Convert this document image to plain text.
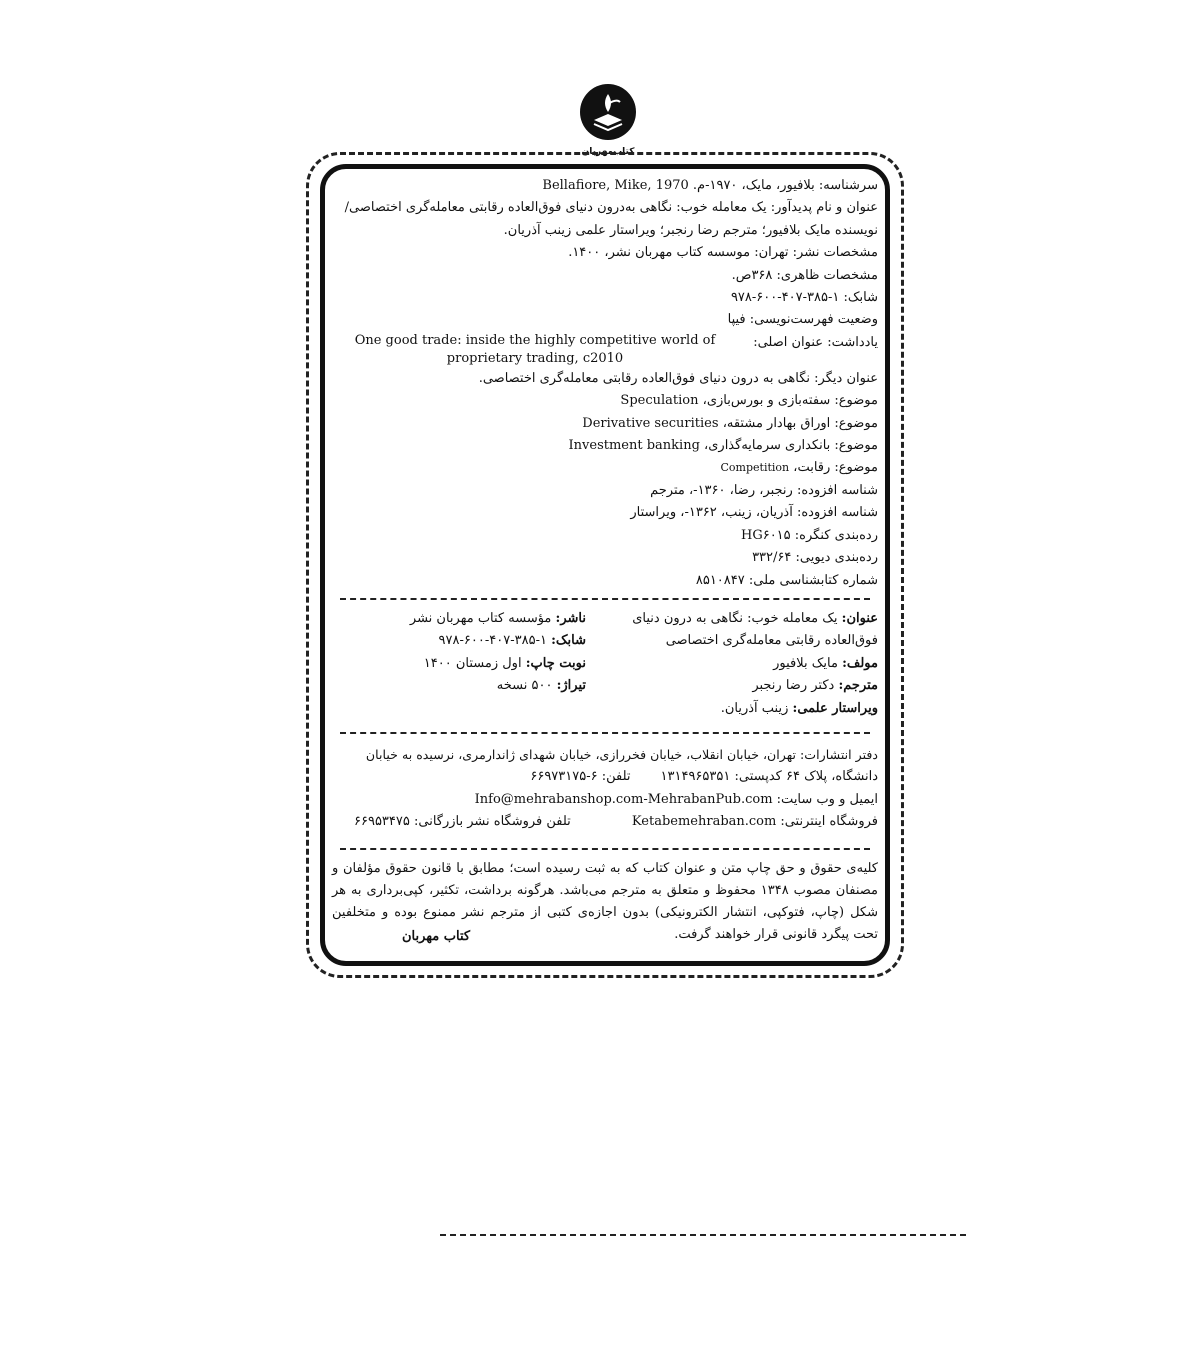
کتاب‌مهربان
سرشناسه: بلافیور، مایک، ۱۹۷۰-م. Bellafiore, Mike, 1970
عنوان و نام پدیدآور: یک معامله خوب: نگاهی به‌درون دنیای فوق‌العاده رقابتی معامله‌گری اختصاصی/
نویسنده مایک بلافیور؛ مترجم رضا رنجبر؛ ویراستار علمی زینب آذریان.
مشخصات نشر: تهران: موسسه کتاب مهربان نشر، ۱۴۰۰.
مشخصات ظاهری: ۳۶۸ص.
شابک: ۱-۳۸۵-۴۰۷-۶۰۰-۹۷۸
وضعیت فهرست‌نویسی: فیپا
یادداشت: عنوان اصلی:
One good trade: inside the highly competitive world of proprietary trading, c2010
عنوان دیگر: نگاهی به درون دنیای فوق‌العاده رقابتی معامله‌گری اختصاصی.
موضوع: سفته‌بازی و بورس‌بازی، Speculation
موضوع: اوراق بهادار مشتقه، Derivative securities
موضوع: بانکداری سرمایه‌گذاری، Investment banking
موضوع: رقابت، Competition
شناسه افزوده: رنجبر، رضا، ۱۳۶۰-، مترجم
شناسه افزوده: آذریان، زینب، ۱۳۶۲-، ویراستار
رده‌بندی کنگره: HG۶۰۱۵
رده‌بندی دیویی: ۳۳۲/۶۴
شماره کتابشناسی ملی: ۸۵۱۰۸۴۷
عنوان: یک معامله خوب: نگاهی به درون دنیای
فوق‌العاده رقابتی معامله‌گری اختصاصی
مولف: مایک بلافیور
مترجم: دکتر رضا رنجبر
ویراستار علمی: زینب آذریان.
ناشر: مؤسسه کتاب مهربان نشر
شابک: ۱-۳۸۵-۴۰۷-۶۰۰-۹۷۸
نوبت چاپ: اول زمستان ۱۴۰۰
تیراژ: ۵۰۰ نسخه
دفتر انتشارات: تهران، خیابان انقلاب، خیابان فخررازی، خیابان شهدای ژاندارمری، نرسیده به خیابان
دانشگاه، پلاک ۶۴ کدپستی: ۱۳۱۴۹۶۵۳۵۱
تلفن: ۶-۶۶۹۷۳۱۷۵
ایمیل و وب سایت: Info@mehrabanshop.com-MehrabanPub.com
فروشگاه اینترنتی:
Ketabemehraban.com
تلفن فروشگاه نشر بازرگانی: ۶۶۹۵۳۴۷۵
کلیه‌ی حقوق و حق چاپ متن و عنوان کتاب که به ثبت رسیده است؛ مطابق با قانون حقوق مؤلفان و مصنفان مصوب ۱۳۴۸ محفوظ و متعلق به مترجم می‌باشد. هرگونه برداشت، تکثیر، کپی‌برداری به هر شکل (چاپ، فتوکپی، انتشار الکترونیکی) بدون اجازه‌ی کتبی از مترجم نشر ممنوع بوده و متخلفین تحت پیگرد قانونی قرار خواهند گرفت.
کتاب مهربان
